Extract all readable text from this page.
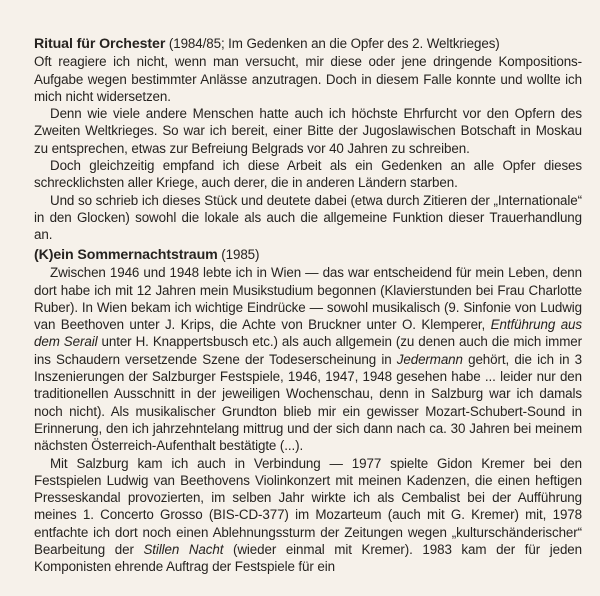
Ritual für Orchester (1984/85; Im Gedenken an die Opfer des 2. Weltkrieges)

Oft reagiere ich nicht, wenn man versucht, mir diese oder jene dringende Kompositions-Aufgabe wegen bestimmter Anlässe anzutragen. Doch in diesem Falle konnte und wollte ich mich nicht widersetzen.

Denn wie viele andere Menschen hatte auch ich höchste Ehrfurcht vor den Opfern des Zweiten Weltkrieges. So war ich bereit, einer Bitte der Jugoslawischen Botschaft in Moskau zu entsprechen, etwas zur Befreiung Belgrads vor 40 Jahren zu schreiben.

Doch gleichzeitig empfand ich diese Arbeit als ein Gedenken an alle Opfer dieses schrecklichsten aller Kriege, auch derer, die in anderen Ländern starben.

Und so schrieb ich dieses Stück und deutete dabei (etwa durch Zitieren der „Internationale“ in den Glocken) sowohl die lokale als auch die allgemeine Funktion dieser Trauerhandlung an.

(K)ein Sommernachtstraum (1985)

Zwischen 1946 und 1948 lebte ich in Wien — das war entscheidend für mein Leben, denn dort habe ich mit 12 Jahren mein Musikstudium begonnen (Klavierstunden bei Frau Charlotte Ruber). In Wien bekam ich wichtige Eindrücke — sowohl musikalisch (9. Sinfonie von Ludwig van Beethoven unter J. Krips, die Achte von Bruckner unter O. Klemperer, Entführung aus dem Serail unter H. Knappertsbusch etc.) als auch allgemein (zu denen auch die mich immer ins Schaudern versetzende Szene der Todeserscheinung in Jedermann gehört, die ich in 3 Inszenierungen der Salzburger Festspiele, 1946, 1947, 1948 gesehen habe ... leider nur den traditionellen Ausschnitt in der jeweiligen Wochenschau, denn in Salzburg war ich damals noch nicht). Als musikalischer Grundton blieb mir ein gewisser Mozart-Schubert-Sound in Erinnerung, den ich jahrzehntelang mittrug und der sich dann nach ca. 30 Jahren bei meinem nächsten Österreich-Aufenthalt bestätigte (...).

Mit Salzburg kam ich auch in Verbindung — 1977 spielte Gidon Kremer bei den Festspielen Ludwig van Beethovens Violinkonzert mit meinen Kadenzen, die einen heftigen Presseskandal provozierten, im selben Jahr wirkte ich als Cembalist bei der Aufführung meines 1. Concerto Grosso (BIS-CD-377) im Mozarteum (auch mit G. Kremer) mit, 1978 entfachte ich dort noch einen Ablehnungssturm der Zeitungen wegen „kulturschänderischer“ Bearbeitung der Stillen Nacht (wieder einmal mit Kremer). 1983 kam der für jeden Komponisten ehrende Auftrag der Festspiele für ein
